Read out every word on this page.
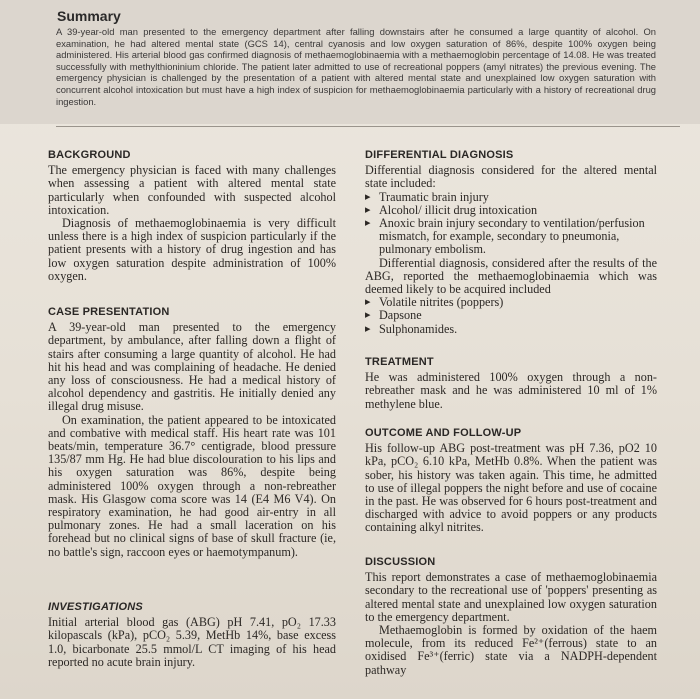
Summary
A 39-year-old man presented to the emergency department after falling downstairs after he consumed a large quantity of alcohol. On examination, he had altered mental state (GCS 14), central cyanosis and low oxygen saturation of 86%, despite 100% oxygen being administered. His arterial blood gas confirmed diagnosis of methaemoglobinaemia with a methaemoglobin percentage of 14.08. He was treated successfully with methylthioninium chloride. The patient later admitted to use of recreational poppers (amyl nitrates) the previous evening. The emergency physician is challenged by the presentation of a patient with altered mental state and unexplained low oxygen saturation with concurrent alcohol intoxication but must have a high index of suspicion for methaemoglobinaemia particularly with a history of recreational drug ingestion.
BACKGROUND

The emergency physician is faced with many challenges when assessing a patient with altered mental state particularly when confounded with suspected alcohol intoxication.

Diagnosis of methaemoglobinaemia is very difficult unless there is a high index of suspicion particularly if the patient presents with a history of drug ingestion and has low oxygen saturation despite administration of 100% oxygen.

CASE PRESENTATION

A 39-year-old man presented to the emergency department, by ambulance, after falling down a flight of stairs after consuming a large quantity of alcohol. He had hit his head and was complaining of headache. He denied any loss of consciousness. He had a medical history of alcohol dependency and gastritis. He initially denied any illegal drug misuse.

On examination, the patient appeared to be intoxicated and combative with medical staff. His heart rate was 101 beats/min, temperature 36.7° centigrade, blood pressure 135/87 mm Hg. He had blue discolouration to his lips and his oxygen saturation was 86%, despite being administered 100% oxygen through a non-rebreather mask. His Glasgow coma score was 14 (E4 M6 V4). On respiratory examination, he had good air-entry in all pulmonary zones. He had a small laceration on his forehead but no clinical signs of base of skull fracture (ie, no battle's sign, raccoon eyes or haemotympanum).

INVESTIGATIONS

Initial arterial blood gas (ABG) pH 7.41, pO₂ 17.33 kilopascals (kPa), pCO₂ 5.39, MetHb 14%, base excess 1.0, bicarbonate 25.5 mmol/L CT imaging of his head reported no acute brain injury.

DIFFERENTIAL DIAGNOSIS

Differential diagnosis considered for the altered mental state included:

▸ Traumatic brain injury
▸ Alcohol/ illicit drug intoxication
▸ Anoxic brain injury secondary to ventilation/perfusion mismatch, for example, secondary to pneumonia, pulmonary embolism.

Differential diagnosis, considered after the results of the ABG, reported the methaemoglobinaemia which was deemed likely to be acquired included

▸ Volatile nitrites (poppers)
▸ Dapsone
▸ Sulphonamides.
TREATMENT

He was administered 100% oxygen through a non-rebreather mask and he was administered 10 ml of 1% methylene blue.

OUTCOME AND FOLLOW-UP

His follow-up ABG post-treatment was pH 7.36, pO2 10 kPa, pCO₂ 6.10 kPa, MetHb 0.8%. When the patient was sober, his history was taken again. This time, he admitted to use of illegal poppers the night before and use of cocaine in the past. He was observed for 6 hours post-treatment and discharged with advice to avoid poppers or any products containing alkyl nitrites.

DISCUSSION

This report demonstrates a case of methaemoglobinaemia secondary to the recreational use of 'poppers' presenting as altered mental state and unexplained low oxygen saturation to the emergency department.

Methaemoglobin is formed by oxidation of the haem molecule, from its reduced Fe²⁺(ferrous) state to an oxidised Fe³⁺(ferric) state via a NADPH-dependent pathway
